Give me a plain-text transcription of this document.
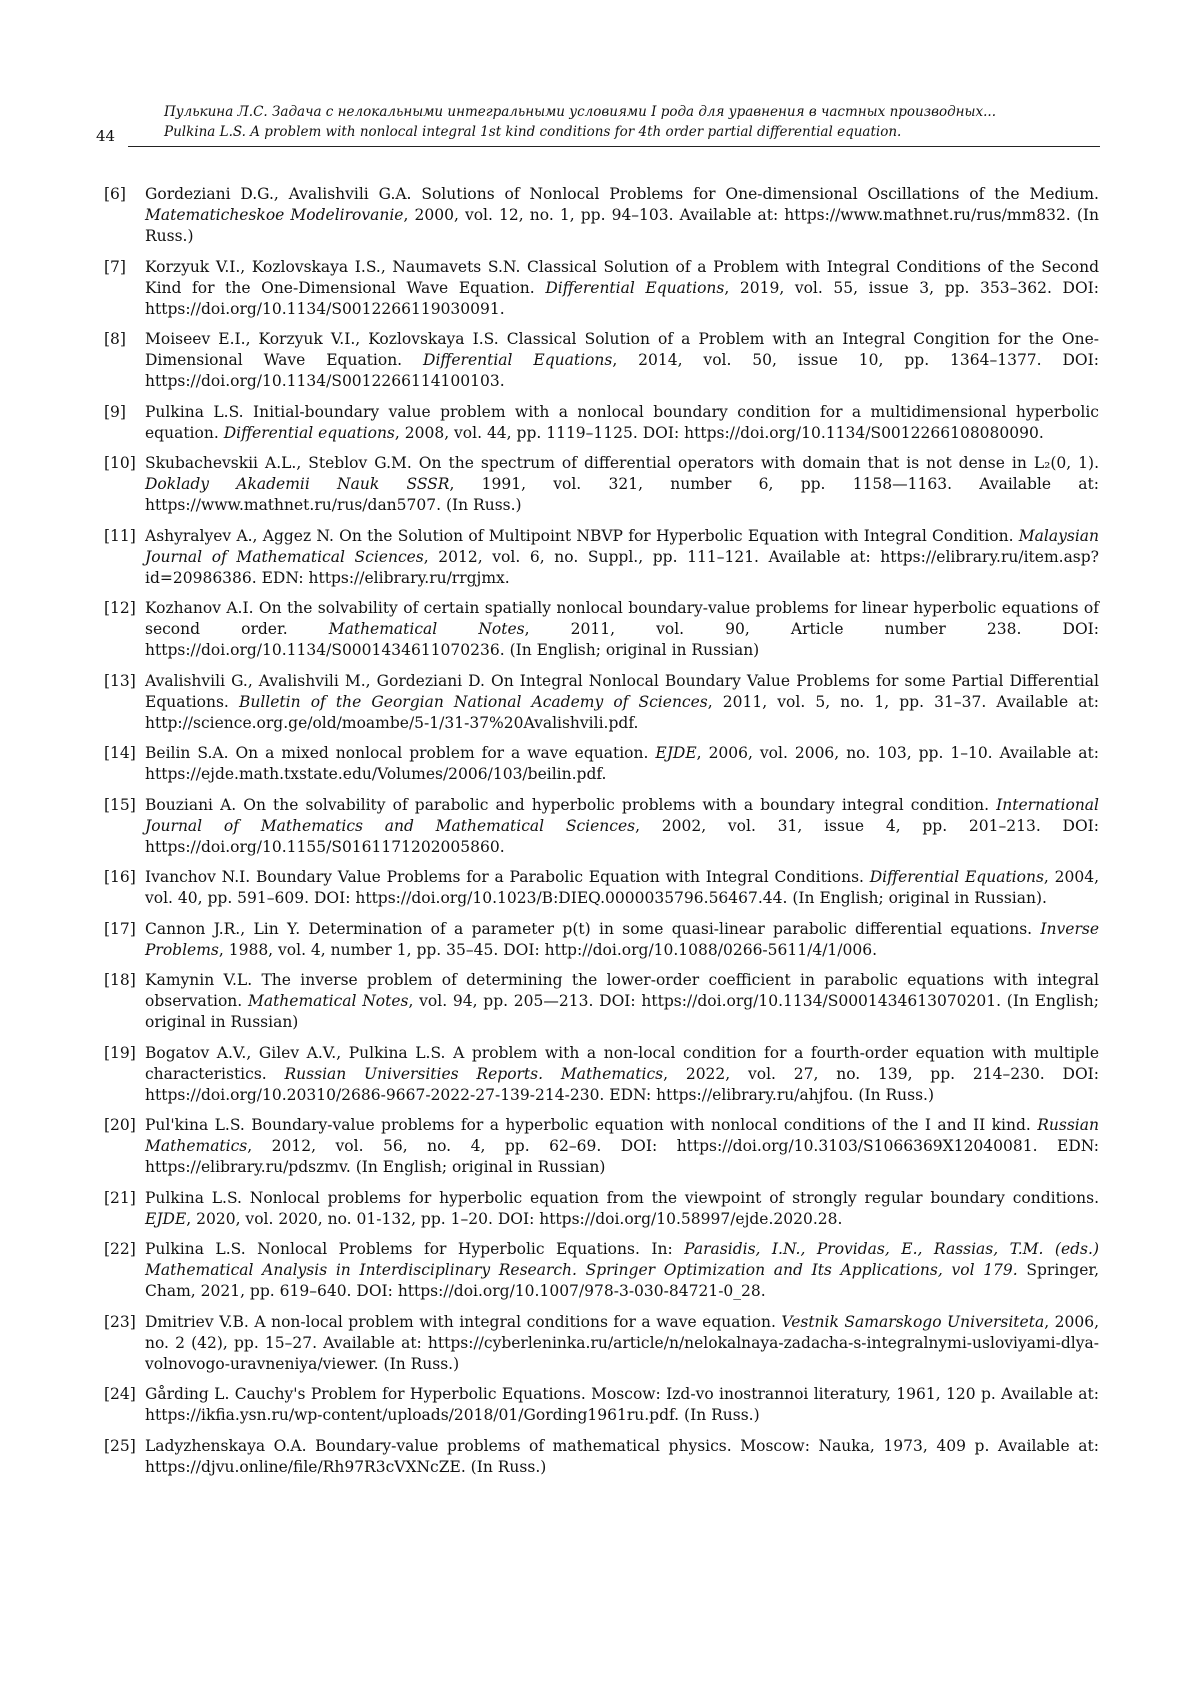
44
Пулькина Л.С. Задача с нелокальными интегральными условиями I рода для уравнения в частных производных...
Pulkina L.S. A problem with nonlocal integral 1st kind conditions for 4th order partial differential equation.
[6]	Gordeziani D.G., Avalishvili G.A. Solutions of Nonlocal Problems for One-dimensional Oscillations of the Medium. Matematicheskoe Modelirovanie, 2000, vol. 12, no. 1, pp. 94–103. Available at: https://www.mathnet.ru/rus/mm832. (In Russ.)
[7]	Korzyuk V.I., Kozlovskaya I.S., Naumavets S.N. Classical Solution of a Problem with Integral Conditions of the Second Kind for the One-Dimensional Wave Equation. Differential Equations, 2019, vol. 55, issue 3, pp. 353–362. DOI: https://doi.org/10.1134/S0012266119030091.
[8]	Moiseev E.I., Korzyuk V.I., Kozlovskaya I.S. Classical Solution of a Problem with an Integral Congition for the One-Dimensional Wave Equation. Differential Equations, 2014, vol. 50, issue 10, pp. 1364–1377. DOI: https://doi.org/10.1134/S0012266114100103.
[9]	Pulkina L.S. Initial-boundary value problem with a nonlocal boundary condition for a multidimensional hyperbolic equation. Differential equations, 2008, vol. 44, pp. 1119–1125. DOI: https://doi.org/10.1134/S0012266108080090.
[10] Skubachevskii A.L., Steblov G.M. On the spectrum of differential operators with domain that is not dense in L₂(0, 1). Doklady Akademii Nauk SSSR, 1991, vol. 321, number 6, pp. 1158—1163. Available at: https://www.mathnet.ru/rus/dan5707. (In Russ.)
[11] Ashyralyev A., Aggez N. On the Solution of Multipoint NBVP for Hyperbolic Equation with Integral Condition. Malaysian Journal of Mathematical Sciences, 2012, vol. 6, no. Suppl., pp. 111–121. Available at: https://elibrary.ru/item.asp?id=20986386. EDN: https://elibrary.ru/rrgjmx.
[12] Kozhanov A.I. On the solvability of certain spatially nonlocal boundary-value problems for linear hyperbolic equations of second order. Mathematical Notes, 2011, vol. 90, Article number 238. DOI: https://doi.org/10.1134/S0001434611070236. (In English; original in Russian)
[13] Avalishvili G., Avalishvili M., Gordeziani D. On Integral Nonlocal Boundary Value Problems for some Partial Differential Equations. Bulletin of the Georgian National Academy of Sciences, 2011, vol. 5, no. 1, pp. 31–37. Available at: http://science.org.ge/old/moambe/5-1/31-37%20Avalishvili.pdf.
[14] Beilin S.A. On a mixed nonlocal problem for a wave equation. EJDE, 2006, vol. 2006, no. 103, pp. 1–10. Available at: https://ejde.math.txstate.edu/Volumes/2006/103/beilin.pdf.
[15] Bouziani A. On the solvability of parabolic and hyperbolic problems with a boundary integral condition. International Journal of Mathematics and Mathematical Sciences, 2002, vol. 31, issue 4, pp. 201–213. DOI: https://doi.org/10.1155/S0161171202005860.
[16] Ivanchov N.I. Boundary Value Problems for a Parabolic Equation with Integral Conditions. Differential Equations, 2004, vol. 40, pp. 591–609. DOI: https://doi.org/10.1023/B:DIEQ.0000035796.56467.44. (In English; original in Russian).
[17] Cannon J.R., Lin Y. Determination of a parameter p(t) in some quasi-linear parabolic differential equations. Inverse Problems, 1988, vol. 4, number 1, pp. 35–45. DOI: http://doi.org/10.1088/0266-5611/4/1/006.
[18] Kamynin V.L. The inverse problem of determining the lower-order coefficient in parabolic equations with integral observation. Mathematical Notes, vol. 94, pp. 205—213. DOI: https://doi.org/10.1134/S0001434613070201. (In English; original in Russian)
[19] Bogatov A.V., Gilev A.V., Pulkina L.S. A problem with a non-local condition for a fourth-order equation with multiple characteristics. Russian Universities Reports. Mathematics, 2022, vol. 27, no. 139, pp. 214–230. DOI: https://doi.org/10.20310/2686-9667-2022-27-139-214-230. EDN: https://elibrary.ru/ahjfou. (In Russ.)
[20] Pul'kina L.S. Boundary-value problems for a hyperbolic equation with nonlocal conditions of the I and II kind. Russian Mathematics, 2012, vol. 56, no. 4, pp. 62–69. DOI: https://doi.org/10.3103/S1066369X12040081. EDN: https://elibrary.ru/pdszmv. (In English; original in Russian)
[21] Pulkina L.S. Nonlocal problems for hyperbolic equation from the viewpoint of strongly regular boundary conditions. EJDE, 2020, vol. 2020, no. 01-132, pp. 1–20. DOI: https://doi.org/10.58997/ejde.2020.28.
[22] Pulkina L.S. Nonlocal Problems for Hyperbolic Equations. In: Parasidis, I.N., Providas, E., Rassias, T.M. (eds.) Mathematical Analysis in Interdisciplinary Research. Springer Optimization and Its Applications, vol 179. Springer, Cham, 2021, pp. 619–640. DOI: https://doi.org/10.1007/978-3-030-84721-0_28.
[23] Dmitriev V.B. A non-local problem with integral conditions for a wave equation. Vestnik Samarskogo Universiteta, 2006, no. 2 (42), pp. 15–27. Available at: https://cyberleninka.ru/article/n/nelokalnaya-zadacha-s-integralnymi-usloviyami-dlya-volnovogo-uravneniya/viewer. (In Russ.)
[24] Gårding L. Cauchy's Problem for Hyperbolic Equations. Moscow: Izd-vo inostrannoi literatury, 1961, 120 p. Available at: https://ikfia.ysn.ru/wp-content/uploads/2018/01/Gording1961ru.pdf. (In Russ.)
[25] Ladyzhenskaya O.A. Boundary-value problems of mathematical physics. Moscow: Nauka, 1973, 409 p. Available at: https://djvu.online/file/Rh97R3cVXNcZE. (In Russ.)
